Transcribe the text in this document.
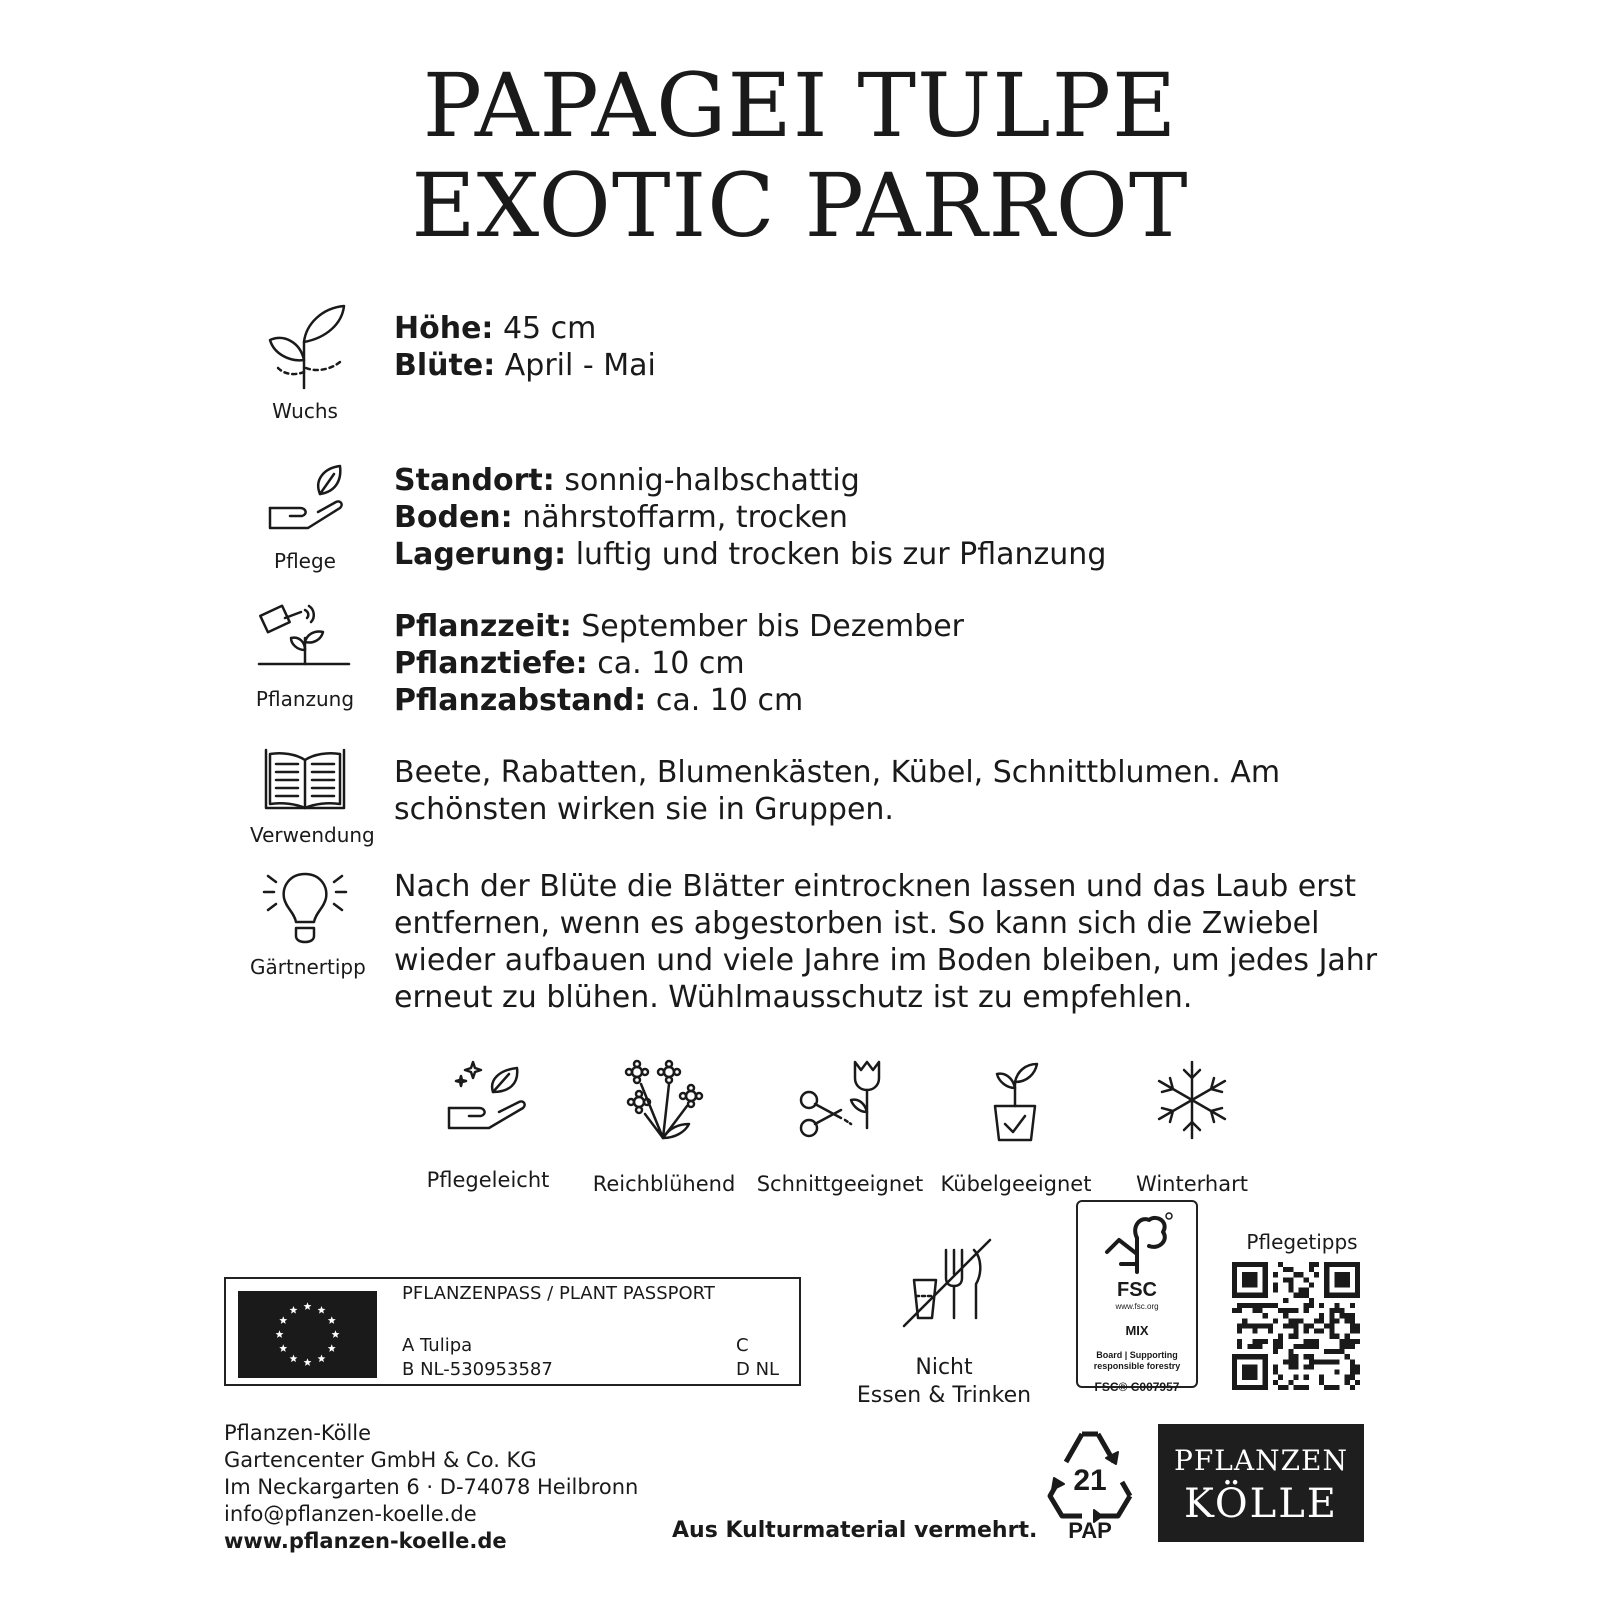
PAPAGEI TULPE
EXOTIC PARROT
Wuchs
Höhe: 45 cm
Blüte: April - Mai
Pflege
Standort: sonnig-halbschattig
Boden: nährstoffarm, trocken
Lagerung: luftig und trocken bis zur Pflanzung
Pflanzung
Pflanzzeit: September bis Dezember
Pflanztiefe: ca. 10 cm
Pflanzabstand: ca. 10 cm
Verwendung
Beete, Rabatten, Blumenkästen, Kübel, Schnittblumen. Am
schönsten wirken sie in Gruppen.
Gärtnertipp
Nach der Blüte die Blätter eintrocknen lassen und das Laub erst
entfernen, wenn es abgestorben ist. So kann sich die Zwiebel
wieder aufbauen und viele Jahre im Boden bleiben, um jedes Jahr
erneut zu blühen. Wühlmausschutz ist zu empfehlen.
Pflegeleicht	Reichblühend	Schnittgeeignet Kübelgeeignet	Winterhart
PFLANZENPASS / PLANT PASSPORT
A Tulipa
B NL-530953587
C
D NL	Nicht
Essen & Trinken
FSC
www.fsc.org
MIX
Board | Supporting
responsible forestry
FSC® C007957
Pflegetipps
Pflanzen-Kölle
Gartencenter GmbH & Co. KG
Im Neckargarten 6 · D-74078 Heilbronn
info@pflanzen-koelle.de
www.pflanzen-koelle.de	Aus Kulturmaterial vermehrt.
21
PAP
PFLANZEN
KÖLLE
